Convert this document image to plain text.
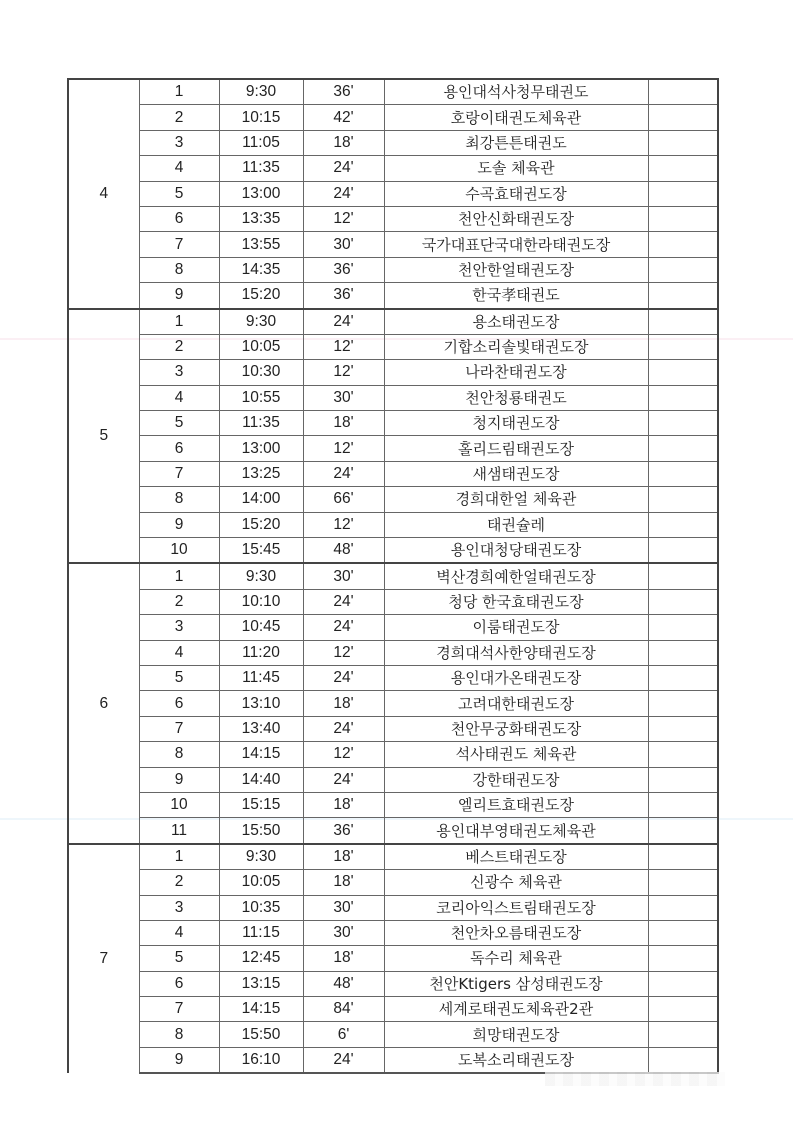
4	1	9:30	36'	용인대석사청무태권도	
	2	10:15	42'	호랑이태권도체육관	
	3	11:05	18'	최강튼튼태권도	
	4	11:35	24'	도솔 체육관	
	5	13:00	24'	수곡효태권도장	
	6	13:35	12'	천안신화태권도장	
	7	13:55	30'	국가대표단국대한라태권도장	
	8	14:35	36'	천안한얼태권도장	
	9	15:20	36'	한국孝태권도	
5	1	9:30	24'	용소태권도장	
	2	10:05	12'	기합소리솔빛태권도장	
	3	10:30	12'	나라찬태권도장	
	4	10:55	30'	천안청룡태권도	
	5	11:35	18'	청지태권도장	
	6	13:00	12'	홀리드림태권도장	
	7	13:25	24'	새샘태권도장	
	8	14:00	66'	경희대한얼 체육관	
	9	15:20	12'	태권슐레	
	10	15:45	48'	용인대청당태권도장	
6	1	9:30	30'	벽산경희예한얼태권도장	
	2	10:10	24'	청당 한국효태권도장	
	3	10:45	24'	이룸태권도장	
	4	11:20	12'	경희대석사한양태권도장	
	5	11:45	24'	용인대가온태권도장	
	6	13:10	18'	고려대한태권도장	
	7	13:40	24'	천안무궁화태권도장	
	8	14:15	12'	석사태권도 체육관	
	9	14:40	24'	강한태권도장	
	10	15:15	18'	엘리트효태권도장	
	11	15:50	36'	용인대부영태권도체육관	
7	1	9:30	18'	베스트태권도장	
	2	10:05	18'	신광수 체육관	
	3	10:35	30'	코리아익스트림태권도장	
	4	11:15	30'	천안차오름태권도장	
	5	12:45	18'	독수리 체육관	
	6	13:15	48'	천안Ktigers 삼성태권도장	
	7	14:15	84'	세계로태권도체육관2관	
	8	15:50	6'	희망태권도장	
	9	16:10	24'	도복소리태권도장	
